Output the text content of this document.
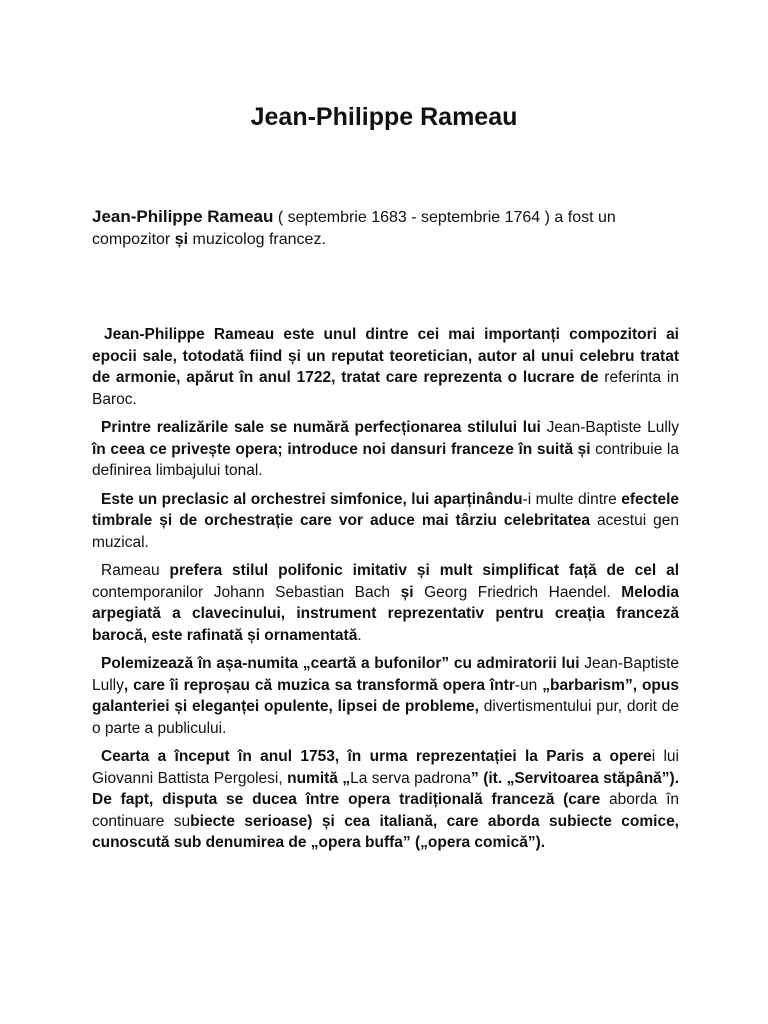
Jean-Philippe Rameau

Jean-Philippe Rameau ( septembrie 1683 - septembrie 1764 ) a fost un compozitor și muzicolog francez.

Jean-Philippe Rameau este unul dintre cei mai importanți compozitori ai epocii sale, totodată fiind și un reputat teoretician, autor al unui celebru tratat de armonie, apărut în anul 1722, tratat care reprezenta o lucrare de referinta in Baroc.

Printre realizările sale se numără perfecționarea stilului lui Jean-Baptiste Lully în ceea ce privește opera; introduce noi dansuri franceze în suită și contribuie la definirea limbajului tonal.

Este un preclasic al orchestrei simfonice, lui aparținându-i multe dintre efectele timbrale și de orchestrație care vor aduce mai târziu celebritatea acestui gen muzical.

Rameau prefera stilul polifonic imitativ și mult simplificat față de cel al contemporanilor Johann Sebastian Bach și Georg Friedrich Haendel. Melodia arpegiată a clavecinului, instrument reprezentativ pentru creația franceză barocă, este rafinată și ornamentată.

Polemizează în așa-numita „ceartă a bufonilor” cu admiratorii lui Jean-Baptiste Lully, care îi reproșau că muzica sa transformă opera într-un „barbarism”, opus galanteriei și eleganței opulente, lipsei de probleme, divertismentului pur, dorit de o parte a publicului.

Cearta a început în anul 1753, în urma reprezentației la Paris a operei lui Giovanni Battista Pergolesi, numită „La serva padrona” (it. „Servitoarea stăpână”). De fapt, disputa se ducea între opera tradițională franceză (care aborda în continuare subiecte serioase) și cea italiană, care aborda subiecte comice, cunoscută sub denumirea de „opera buffa” („opera comică”).
